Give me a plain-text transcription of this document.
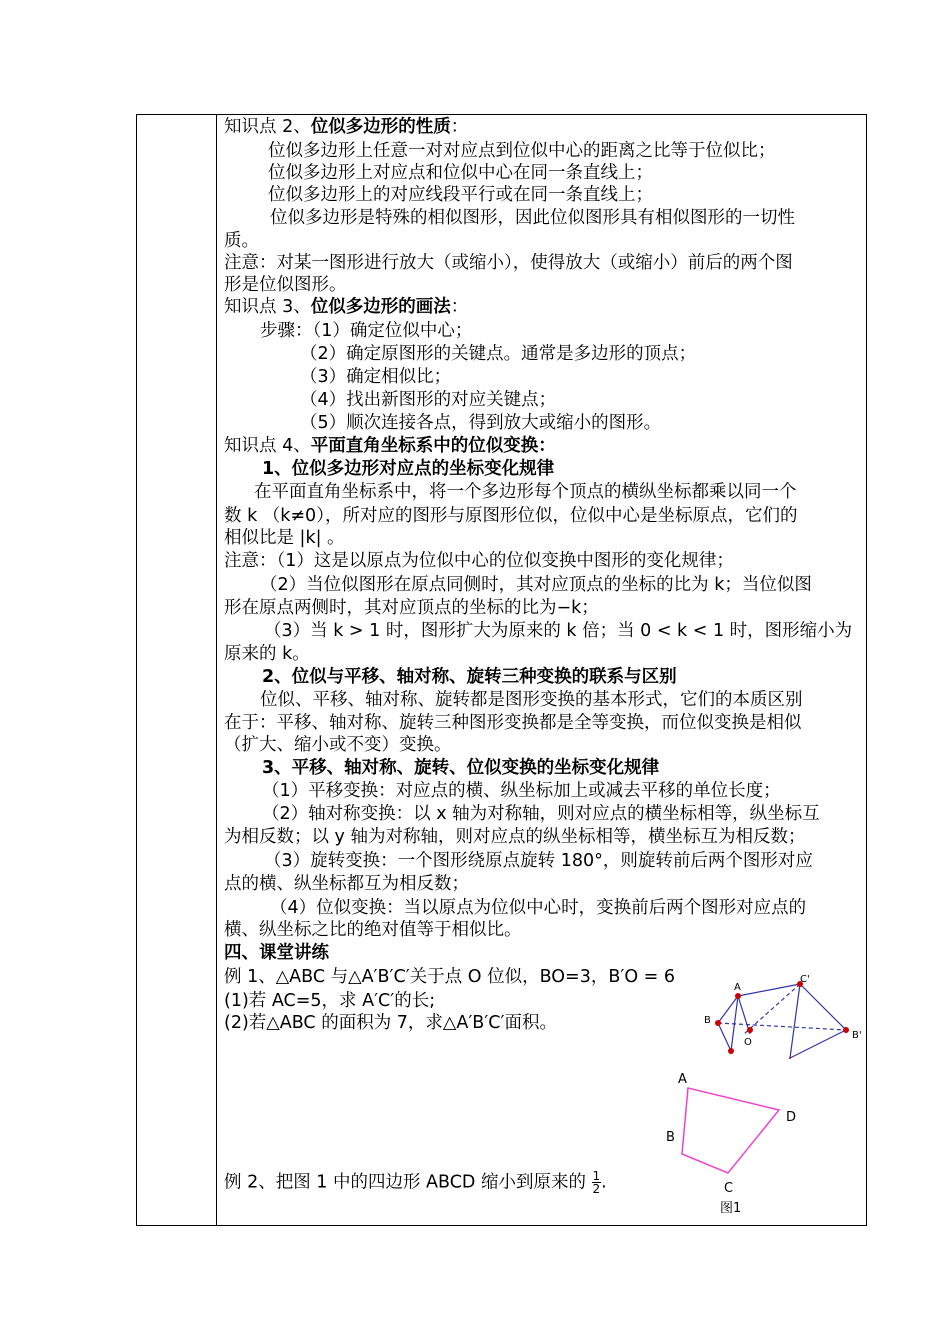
知识点 2、位似多边形的性质：
位似多边形上任意一对对应点到位似中心的距离之比等于位似比；
位似多边形上对应点和位似中心在同一条直线上；
位似多边形上的对应线段平行或在同一条直线上；
位似多边形是特殊的相似图形，因此位似图形具有相似图形的一切性
质。
注意：对某一图形进行放大（或缩小），使得放大（或缩小）前后的两个图
形是位似图形。
知识点 3、位似多边形的画法：
步骤：（1）确定位似中心；
（2）确定原图形的关键点。通常是多边形的顶点；
（3）确定相似比；
（4）找出新图形的对应关键点；
（5）顺次连接各点，得到放大或缩小的图形。
知识点 4、平面直角坐标系中的位似变换：
1、位似多边形对应点的坐标变化规律
在平面直角坐标系中，将一个多边形每个顶点的横纵坐标都乘以同一个
数 k （k≠0），所对应的图形与原图形位似，位似中心是坐标原点，它们的
相似比是 |k| 。
注意：（1）这是以原点为位似中心的位似变换中图形的变化规律；
（2）当位似图形在原点同侧时，其对应顶点的坐标的比为 k；当位似图
形在原点两侧时，其对应顶点的坐标的比为−k；
（3）当 k > 1 时，图形扩大为原来的 k 倍；当 0 < k < 1 时，图形缩小为
原来的 k。
2、位似与平移、轴对称、旋转三种变换的联系与区别
位似、平移、轴对称、旋转都是图形变换的基本形式，它们的本质区别
在于：平移、轴对称、旋转三种图形变换都是全等变换，而位似变换是相似
（扩大、缩小或不变）变换。
3、平移、轴对称、旋转、位似变换的坐标变化规律
（1）平移变换：对应点的横、纵坐标加上或减去平移的单位长度；
（2）轴对称变换：以 x 轴为对称轴，则对应点的横坐标相等，纵坐标互
为相反数；以 y 轴为对称轴，则对应点的纵坐标相等，横坐标互为相反数；
（3）旋转变换：一个图形绕原点旋转 180°，则旋转前后两个图形对应
点的横、纵坐标都互为相反数；
（4）位似变换：当以原点为位似中心时，变换前后两个图形对应点的
横、纵坐标之比的绝对值等于相似比。
四、课堂讲练
例 1、△ABC 与△A′B′C′关于点 O 位似，BO=3，B′O = 6
(1)若 AC=5，求 A′C′的长;
(2)若△ABC 的面积为 7，求△A′B′C′面积。
例 2、把图 1 中的四边形 ABCD 缩小到原来的 $\frac{1}{2}$ .
A
B
O
C'
B'
A
B
C
D
图1
